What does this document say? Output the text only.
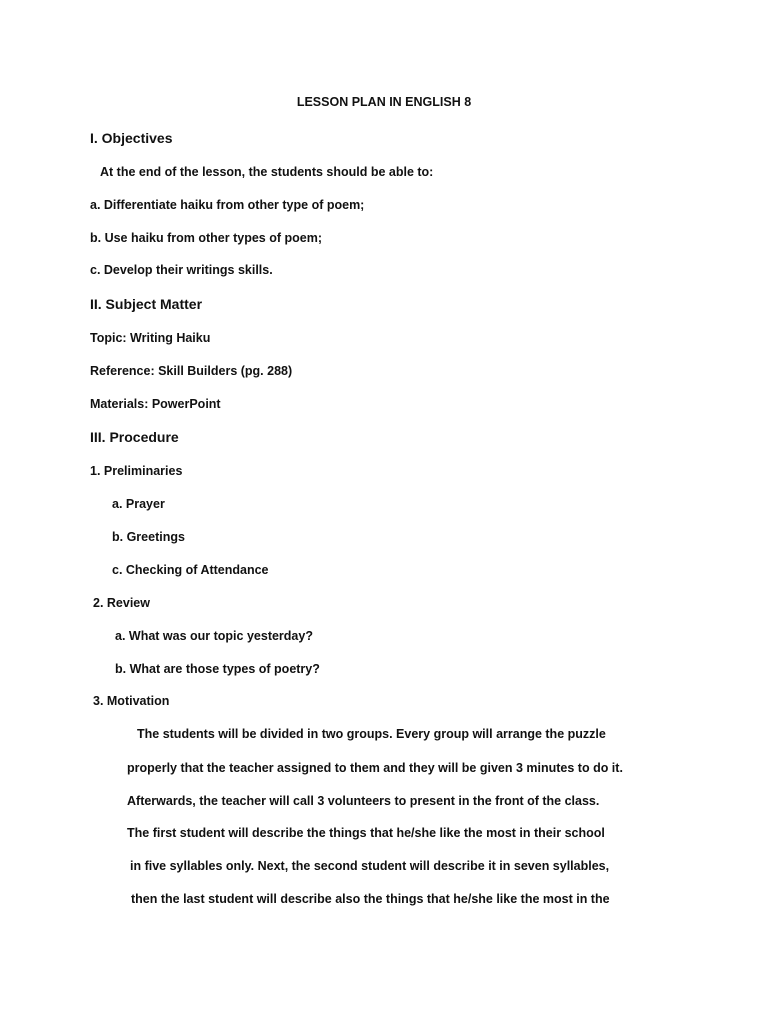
LESSON PLAN IN ENGLISH 8
I. Objectives
At the end of the lesson, the students should be able to:
a. Differentiate haiku from other type of poem;
b. Use haiku from other types of poem;
c. Develop their writings skills.
II. Subject Matter
Topic: Writing Haiku
Reference: Skill Builders (pg. 288)
Materials: PowerPoint
III. Procedure
1. Preliminaries
a. Prayer
b. Greetings
c. Checking of Attendance
2. Review
a. What was our topic yesterday?
b. What are those types of poetry?
3. Motivation
The students will be divided in two groups. Every group will arrange the puzzle
properly that the teacher assigned to them and they will be given 3 minutes to do it.
Afterwards, the teacher will call 3 volunteers to present in the front of the class.
The first student will describe the things that he/she like the most in their school
in five syllables only. Next, the second student will describe it in seven syllables,
then the last student will describe also the things that he/she like the most in the
